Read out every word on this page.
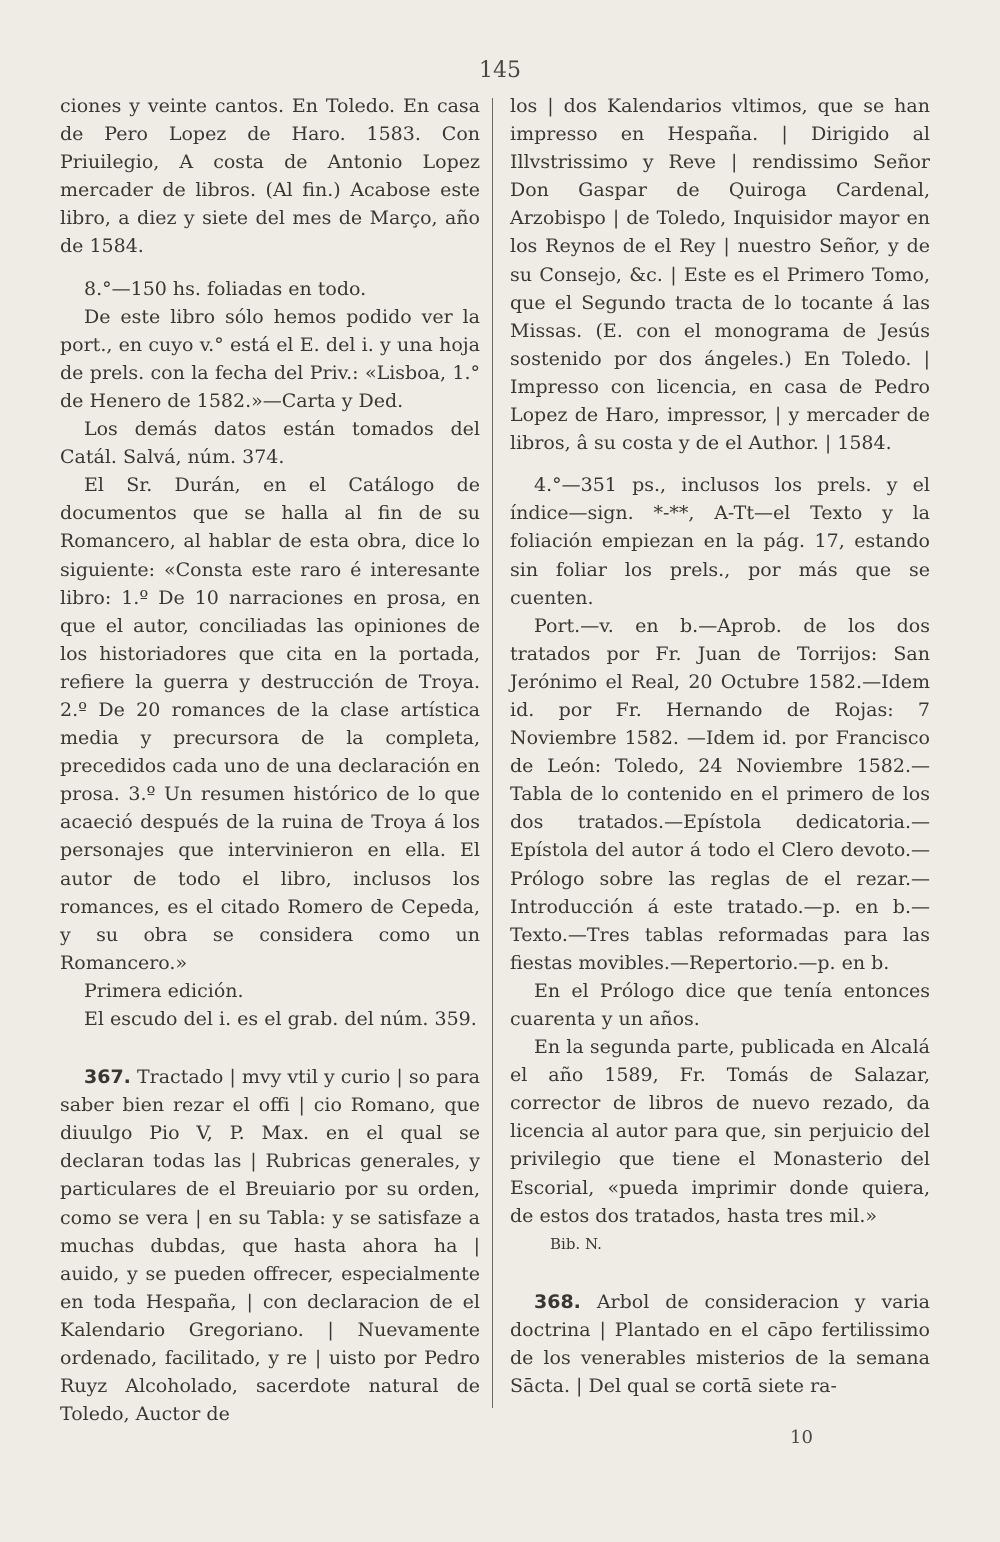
145

ciones y veinte cantos. En Toledo. En casa de Pero Lopez de Haro. 1583. Con Priuilegio, A costa de Antonio Lopez mercader de libros. (Al fin.) Acabose este libro, a diez y siete del mes de Março, año de 1584.

8.°—150 hs. foliadas en todo.

De este libro sólo hemos podido ver la port., en cuyo v.° está el E. del i. y una hoja de prels. con la fecha del Priv.: «Lisboa, 1.° de Henero de 1582.»—Carta y Ded.

Los demás datos están tomados del Catál. Salvá, núm. 374.

El Sr. Durán, en el Catálogo de documentos que se halla al fin de su Romancero, al hablar de esta obra, dice lo siguiente: «Consta este raro é interesante libro: 1.º De 10 narraciones en prosa, en que el autor, conciliadas las opiniones de los historiadores que cita en la portada, refiere la guerra y destrucción de Troya. 2.º De 20 romances de la clase artística media y precursora de la completa, precedidos cada uno de una declaración en prosa. 3.º Un resumen histórico de lo que acaeció después de la ruina de Troya á los personajes que intervinieron en ella. El autor de todo el libro, inclusos los romances, es el citado Romero de Cepeda, y su obra se considera como un Romancero.»

Primera edición.

El escudo del i. es el grab. del núm. 359.

367. Tractado | mvy vtil y curio | so para saber bien rezar el offi | cio Romano, que diuulgo Pio V, P. Max. en el qual se declaran todas las | Rubricas generales, y particulares de el Breuiario por su orden, como se vera | en su Tabla: y se satisfaze a muchas dubdas, que hasta ahora ha | auido, y se pueden offrecer, especialmente en toda Hespaña, | con declaracion de el Kalendario Gregoriano. | Nuevamente ordenado, facilitado, y re | uisto por Pedro Ruyz Alcoholado, sacerdote natural de Toledo, Auctor de

los | dos Kalendarios vltimos, que se han impresso en Hespaña. | Dirigido al Illvstrissimo y Reve | rendissimo Señor Don Gaspar de Quiroga Cardenal, Arzobispo | de Toledo, Inquisidor mayor en los Reynos de el Rey | nuestro Señor, y de su Consejo, &c. | Este es el Primero Tomo, que el Segundo tracta de lo tocante á las Missas. (E. con el monograma de Jesús sostenido por dos ángeles.) En Toledo. | Impresso con licencia, en casa de Pedro Lopez de Haro, impressor, | y mercader de libros, â su costa y de el Author. | 1584.

4.°—351 ps., inclusos los prels. y el índice—sign. *-**, A-Tt—el Texto y la foliación empiezan en la pág. 17, estando sin foliar los prels., por más que se cuenten.

Port.—v. en b.—Aprob. de los dos tratados por Fr. Juan de Torrijos: San Jerónimo el Real, 20 Octubre 1582.—Idem id. por Fr. Hernando de Rojas: 7 Noviembre 1582. —Idem id. por Francisco de León: Toledo, 24 Noviembre 1582.—Tabla de lo contenido en el primero de los dos tratados.—Epístola dedicatoria.—Epístola del autor á todo el Clero devoto.—Prólogo sobre las reglas de el rezar.—Introducción á este tratado.—p. en b.—Texto.—Tres tablas reformadas para las fiestas movibles.—Repertorio.—p. en b.

En el Prólogo dice que tenía entonces cuarenta y un años.

En la segunda parte, publicada en Alcalá el año 1589, Fr. Tomás de Salazar, corrector de libros de nuevo rezado, da licencia al autor para que, sin perjuicio del privilegio que tiene el Monasterio del Escorial, «pueda imprimir donde quiera, de estos dos tratados, hasta tres mil.»

Bib. N.

368. Arbol de consideracion y varia doctrina | Plantado en el cāpo fertilissimo de los venerables misterios de la semana Sācta. | Del qual se cortā siete ra-

10
